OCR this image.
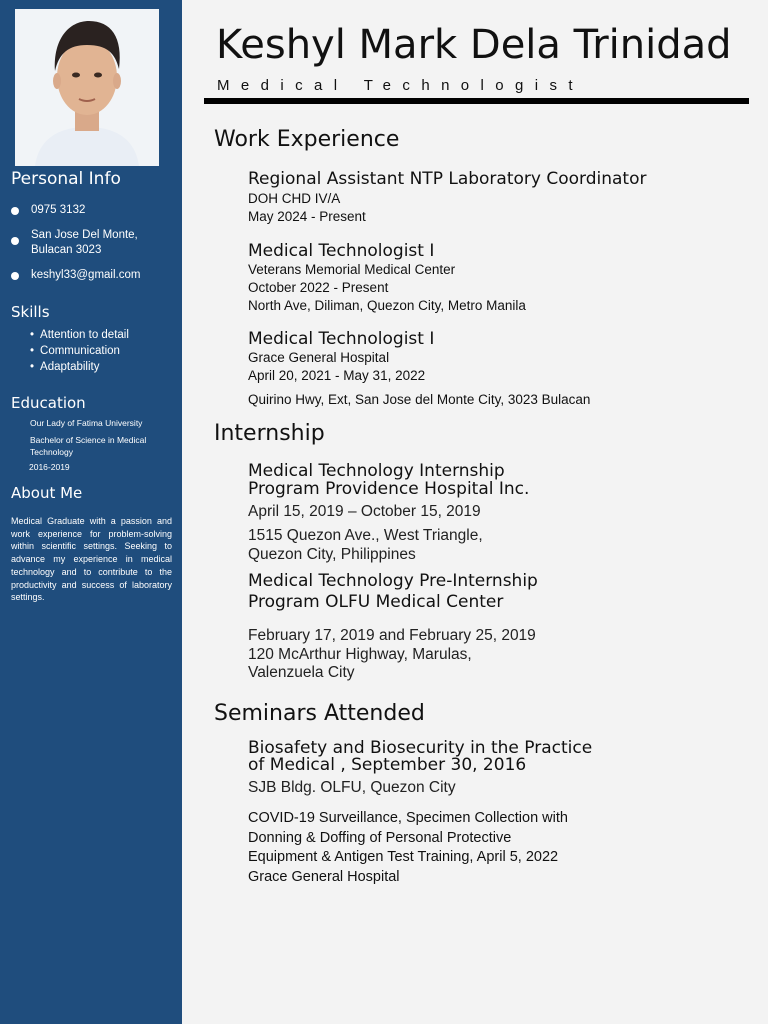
Personal Info
0975 3132
San Jose Del Monte, Bulacan 3023
keshyl33@gmail.com
Skills
• Attention to detail
• Communication
• Adaptability
Education
Our Lady of Fatima University
Bachelor of Science in Medical Technology
2016-2019
About Me
Medical Graduate with a passion and work experience for problem-solving within scientific settings. Seeking to advance my experience in medical technology and to contribute to the productivity and success of laboratory settings.
Keshyl Mark Dela Trinidad
Medical Technologist
Work Experience
Regional Assistant NTP Laboratory Coordinator
DOH CHD IV/A
May 2024 - Present
Medical Technologist I
Veterans Memorial Medical Center
October 2022 - Present
North Ave, Diliman, Quezon City, Metro Manila
Medical Technologist I
Grace General Hospital
April 20, 2021 - May 31, 2022
Quirino Hwy, Ext, San Jose del Monte City, 3023 Bulacan
Internship
Medical Technology Internship
Program Providence Hospital Inc.
April 15, 2019 – October 15, 2019
1515 Quezon Ave., West Triangle,
Quezon City, Philippines
Medical Technology Pre-Internship
Program OLFU Medical Center
February 17, 2019 and February 25, 2019
120 McArthur Highway, Marulas,
Valenzuela City
Seminars Attended
Biosafety and Biosecurity in the Practice
of Medical , September 30, 2016
SJB Bldg. OLFU, Quezon City
COVID-19 Surveillance, Specimen Collection with
Donning & Doffing of Personal Protective
Equipment & Antigen Test Training, April 5, 2022
Grace General Hospital
